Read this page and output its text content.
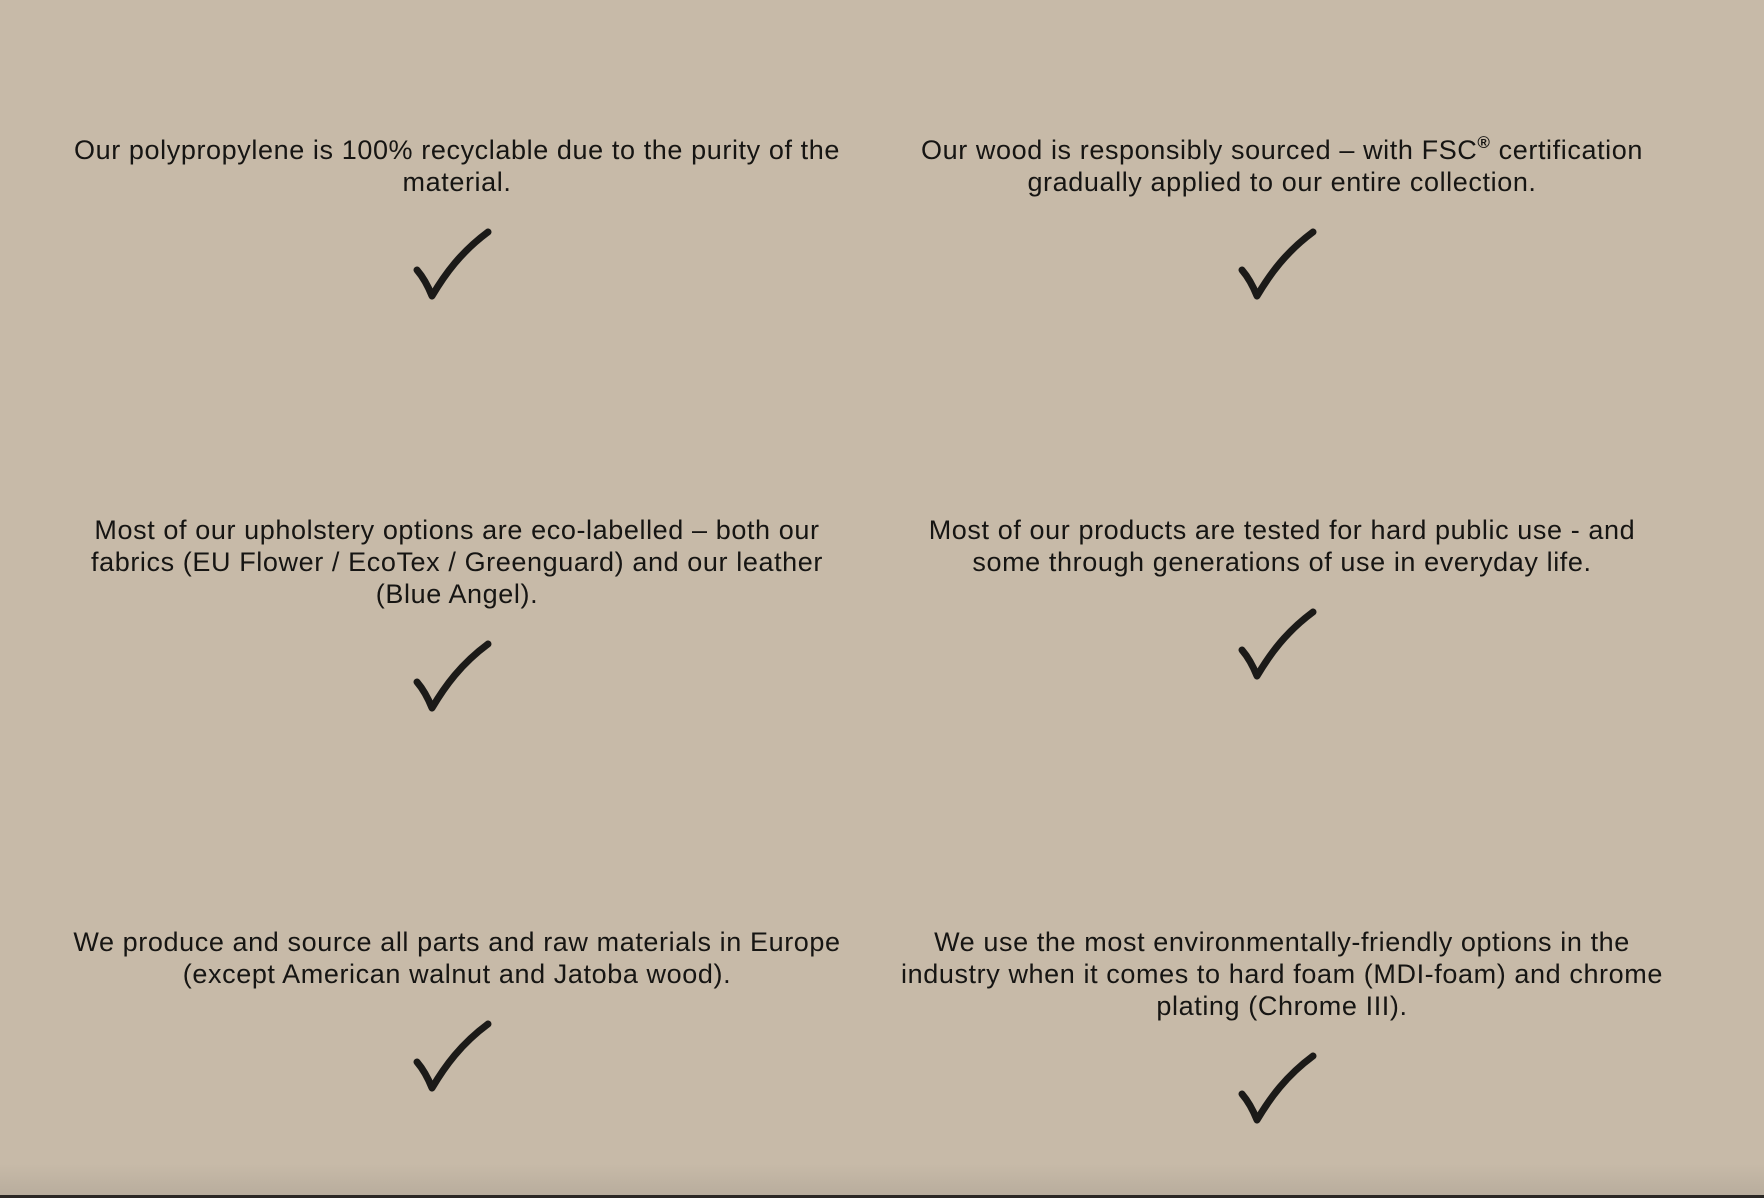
Our polypropylene is 100% recyclable due to the purity of the material.

Our wood is responsibly sourced – with FSC® certification gradually applied to our entire collection.

Most of our upholstery options are eco-labelled – both our fabrics (EU Flower / EcoTex / Greenguard) and our leather (Blue Angel).

Most of our products are tested for hard public use - and some through generations of use in everyday life.

We produce and source all parts and raw materials in Europe (except American walnut and Jatoba wood).

We use the most environmentally-friendly options in the industry when it comes to hard foam (MDI-foam) and chrome plating (Chrome III).
